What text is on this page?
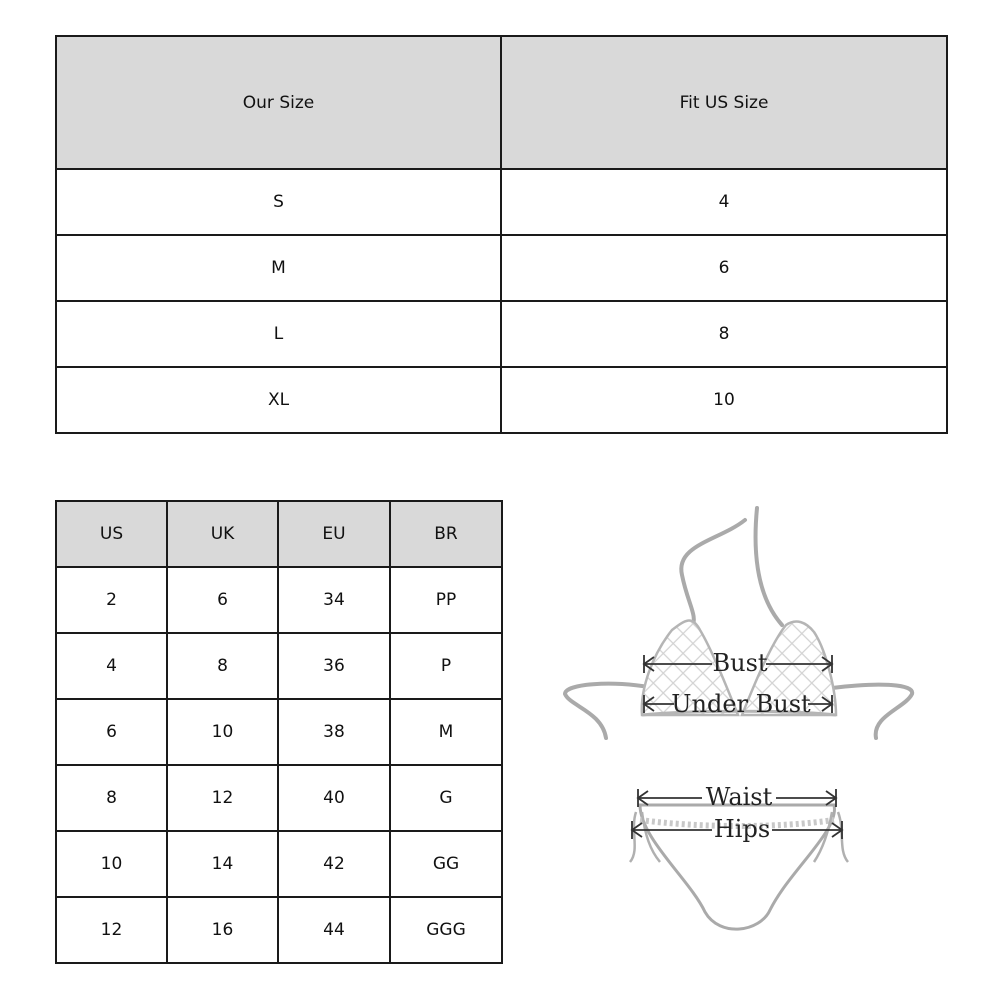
Our Size	Fit US Size
S	4
M	6
L	8
XL	10
US	UK	EU	BR
2	6	34	PP
4	8	36	P
6	10	38	M
8	12	40	G
10	14	42	GG
12	16	44	GGG
Bust
Under Bust
Waist
Hips
